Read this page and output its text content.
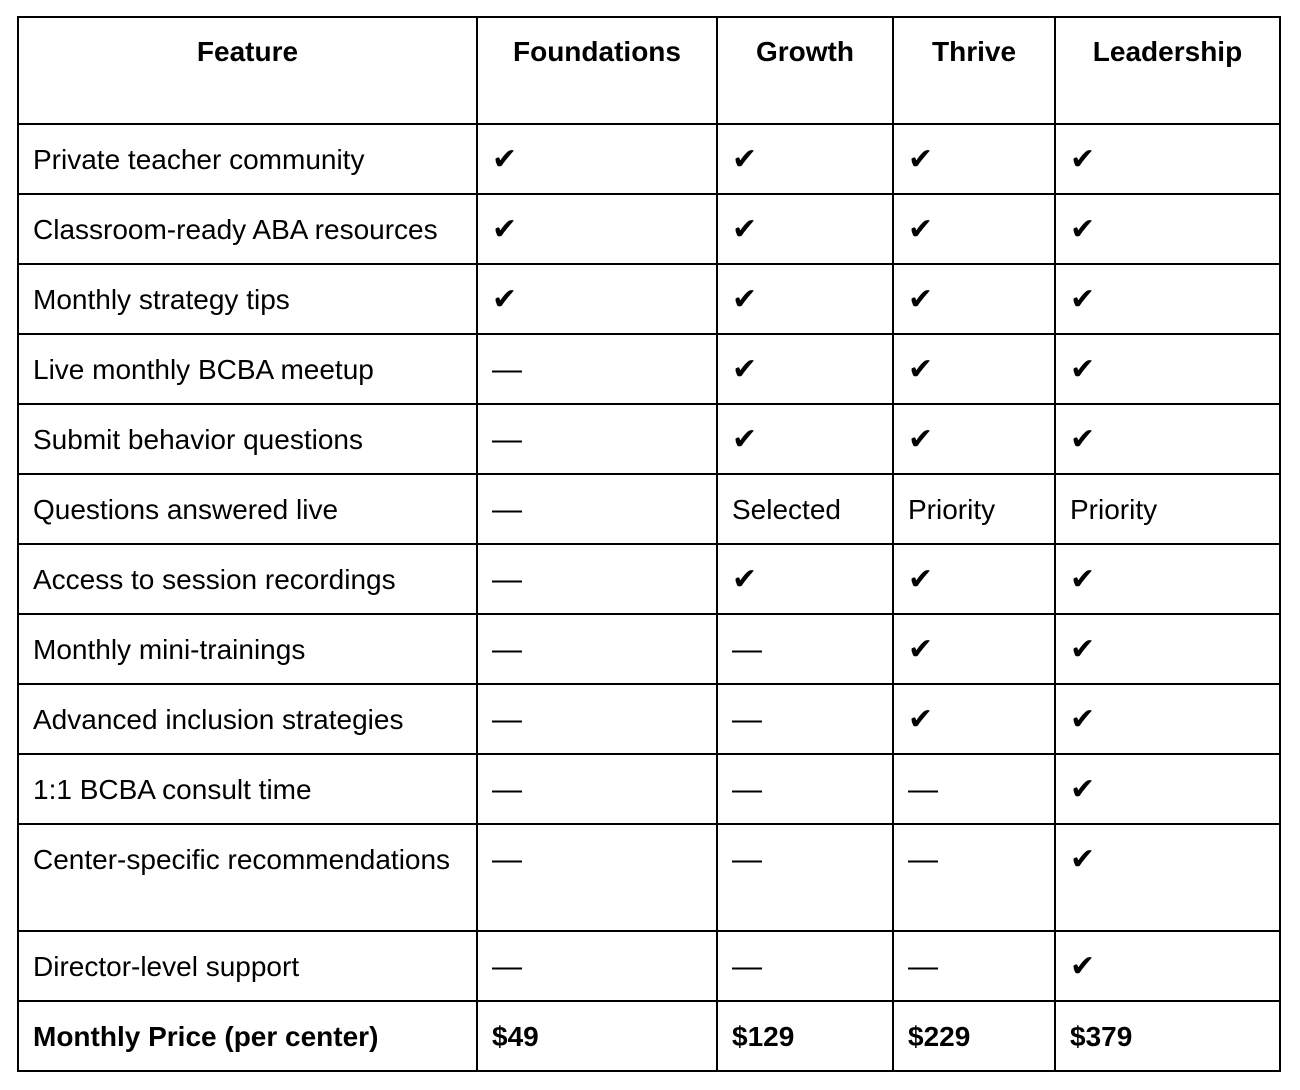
Feature	Foundations	Growth	Thrive	Leadership
Private teacher community	✔	✔	✔	✔
Classroom-ready ABA resources	✔	✔	✔	✔
Monthly strategy tips	✔	✔	✔	✔
Live monthly BCBA meetup	—	✔	✔	✔
Submit behavior questions	—	✔	✔	✔
Questions answered live	—	Selected	Priority	Priority
Access to session recordings	—	✔	✔	✔
Monthly mini-trainings	—	—	✔	✔
Advanced inclusion strategies	—	—	✔	✔
1:1 BCBA consult time	—	—	—	✔
Center-specific recommendations	—	—	—	✔
Director-level support	—	—	—	✔
Monthly Price (per center)	$49	$129	$229	$379
